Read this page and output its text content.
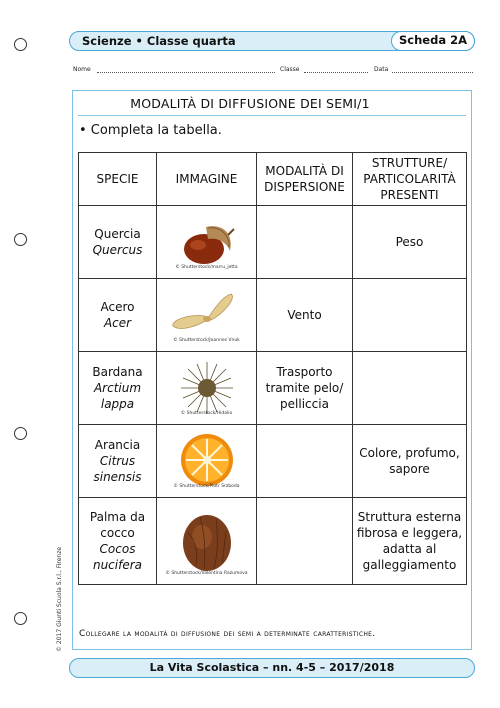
Scienze • Classe quarta	Scheda 2A
Nome	Classe	Data
MODALITÀ DI DIFFUSIONE DEI SEMI/1
• Completa la tabella.
SPECIE	IMMAGINE	MODALITÀ DI DISPERSIONE	STRUTTURE/ PARTICOLARITÀ PRESENTI
Quercia
Quercus	© Shutterstock/marru_jetta		Peso
Acero
Acer	© Shutterstock/Joannes Vnuk	Vento	
Bardana
Arctium lappa	© Shutterstock/Hidalio	Trasporto tramite pelo/ pelliccia	
Arancia
Citrus sinensis	© Shutterstock/Piotr Srzboda		Colore, profumo, sapore
Palma da cocco
Cocos nucifera	© Shutterstock/Valentina Razumova		Struttura esterna fibrosa e leggera, adatta al galleggiamento
Collegare la modalità di diffusione dei semi a determinate caratteristiche.
La Vita Scolastica – nn. 4-5 – 2017/2018
© 2017 Giunti Scuola S.r.l., Firenze
